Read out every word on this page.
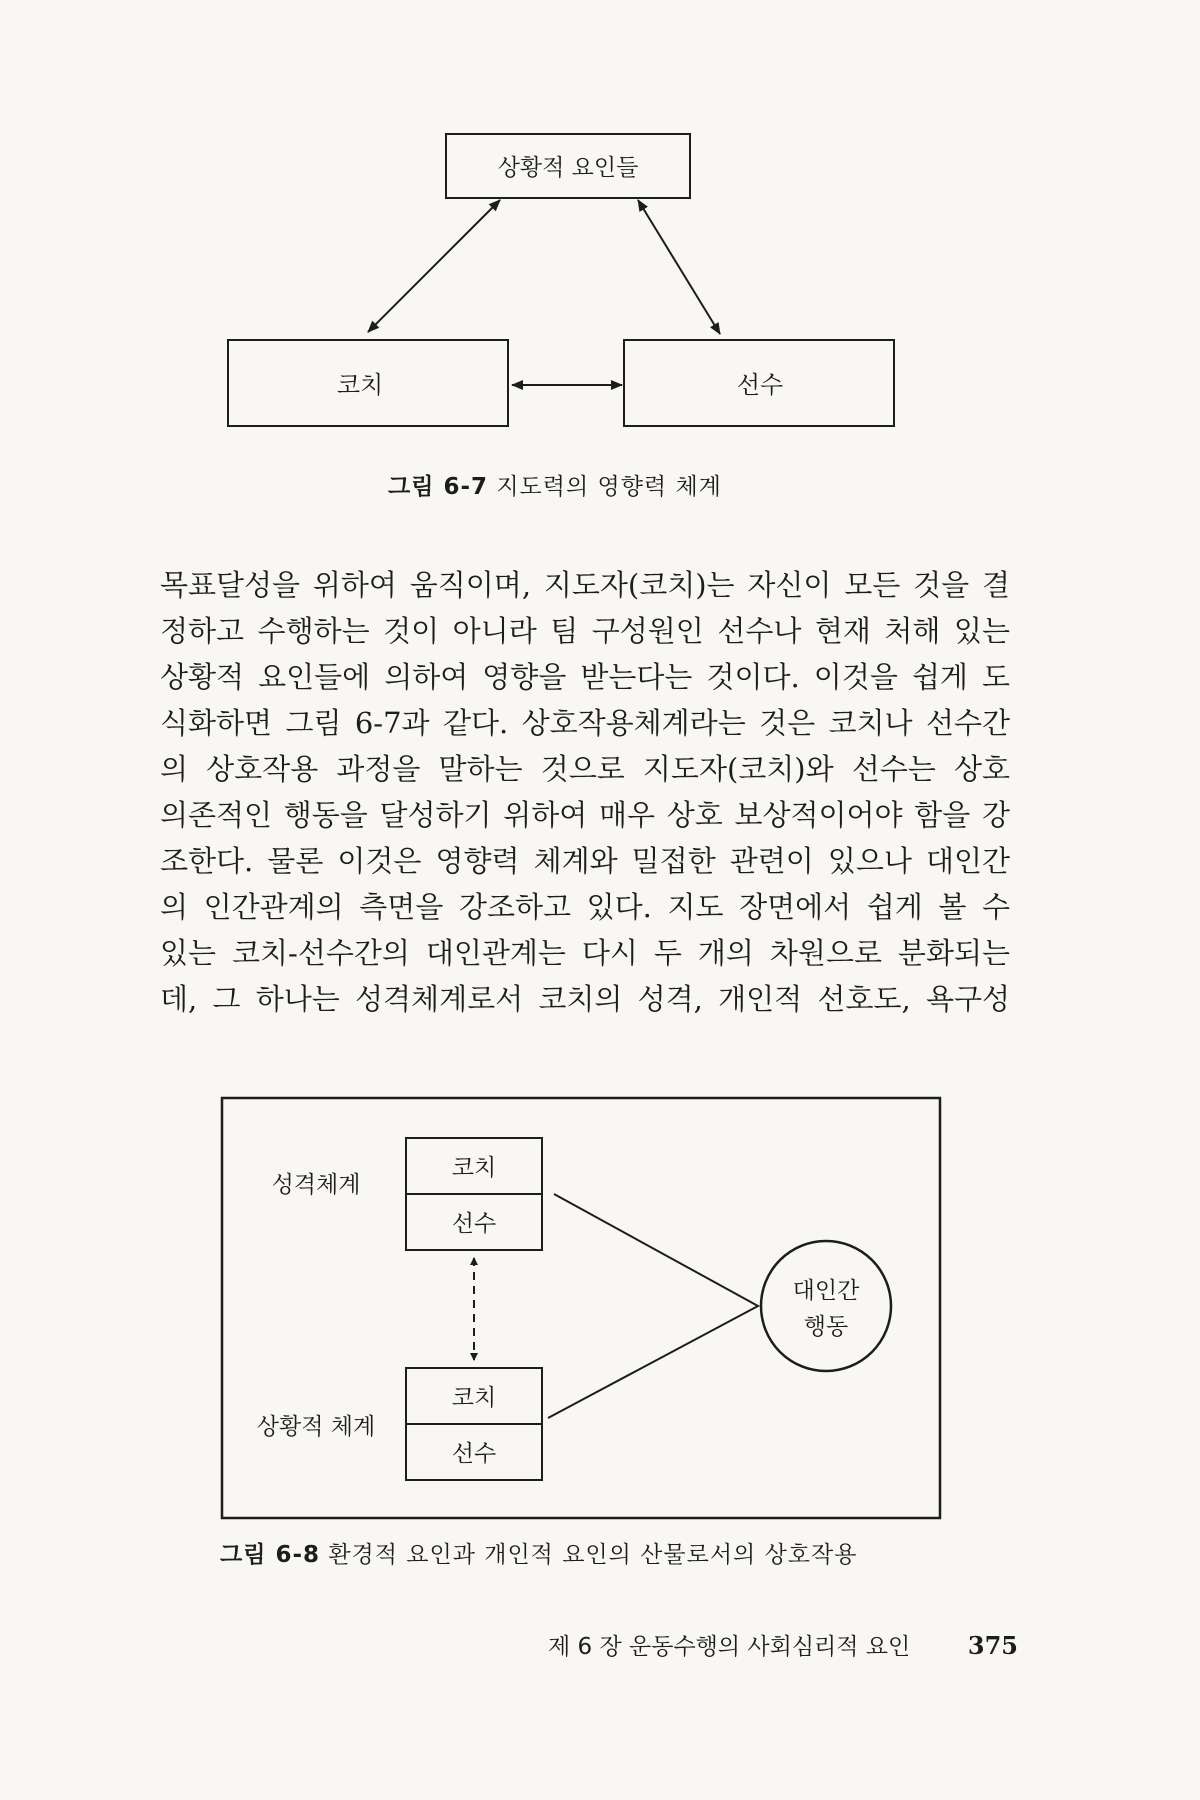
상황적 요인들
코치	선수
그림 6-7 지도력의 영향력 체계
목표달성을 위하여 움직이며, 지도자(코치)는 자신이 모든 것을 결
정하고 수행하는 것이 아니라 팀 구성원인 선수나 현재 처해 있는
상황적 요인들에 의하여 영향을 받는다는 것이다. 이것을 쉽게 도
식화하면 그림 6-7과 같다. 상호작용체계라는 것은 코치나 선수간
의 상호작용 과정을 말하는 것으로 지도자(코치)와 선수는 상호
의존적인 행동을 달성하기 위하여 매우 상호 보상적이어야 함을 강
조한다. 물론 이것은 영향력 체계와 밀접한 관련이 있으나 대인간
의 인간관계의 측면을 강조하고 있다. 지도 장면에서 쉽게 볼 수
있는 코치-선수간의 대인관계는 다시 두 개의 차원으로 분화되는
데, 그 하나는 성격체계로서 코치의 성격, 개인적 선호도, 욕구성
성격체계
상황적 체계
코치
선수
코치
선수
대인간
행동
그림 6-8 환경적 요인과 개인적 요인의 산물로서의 상호작용
제 6 장 운동수행의 사회심리적 요인 375
